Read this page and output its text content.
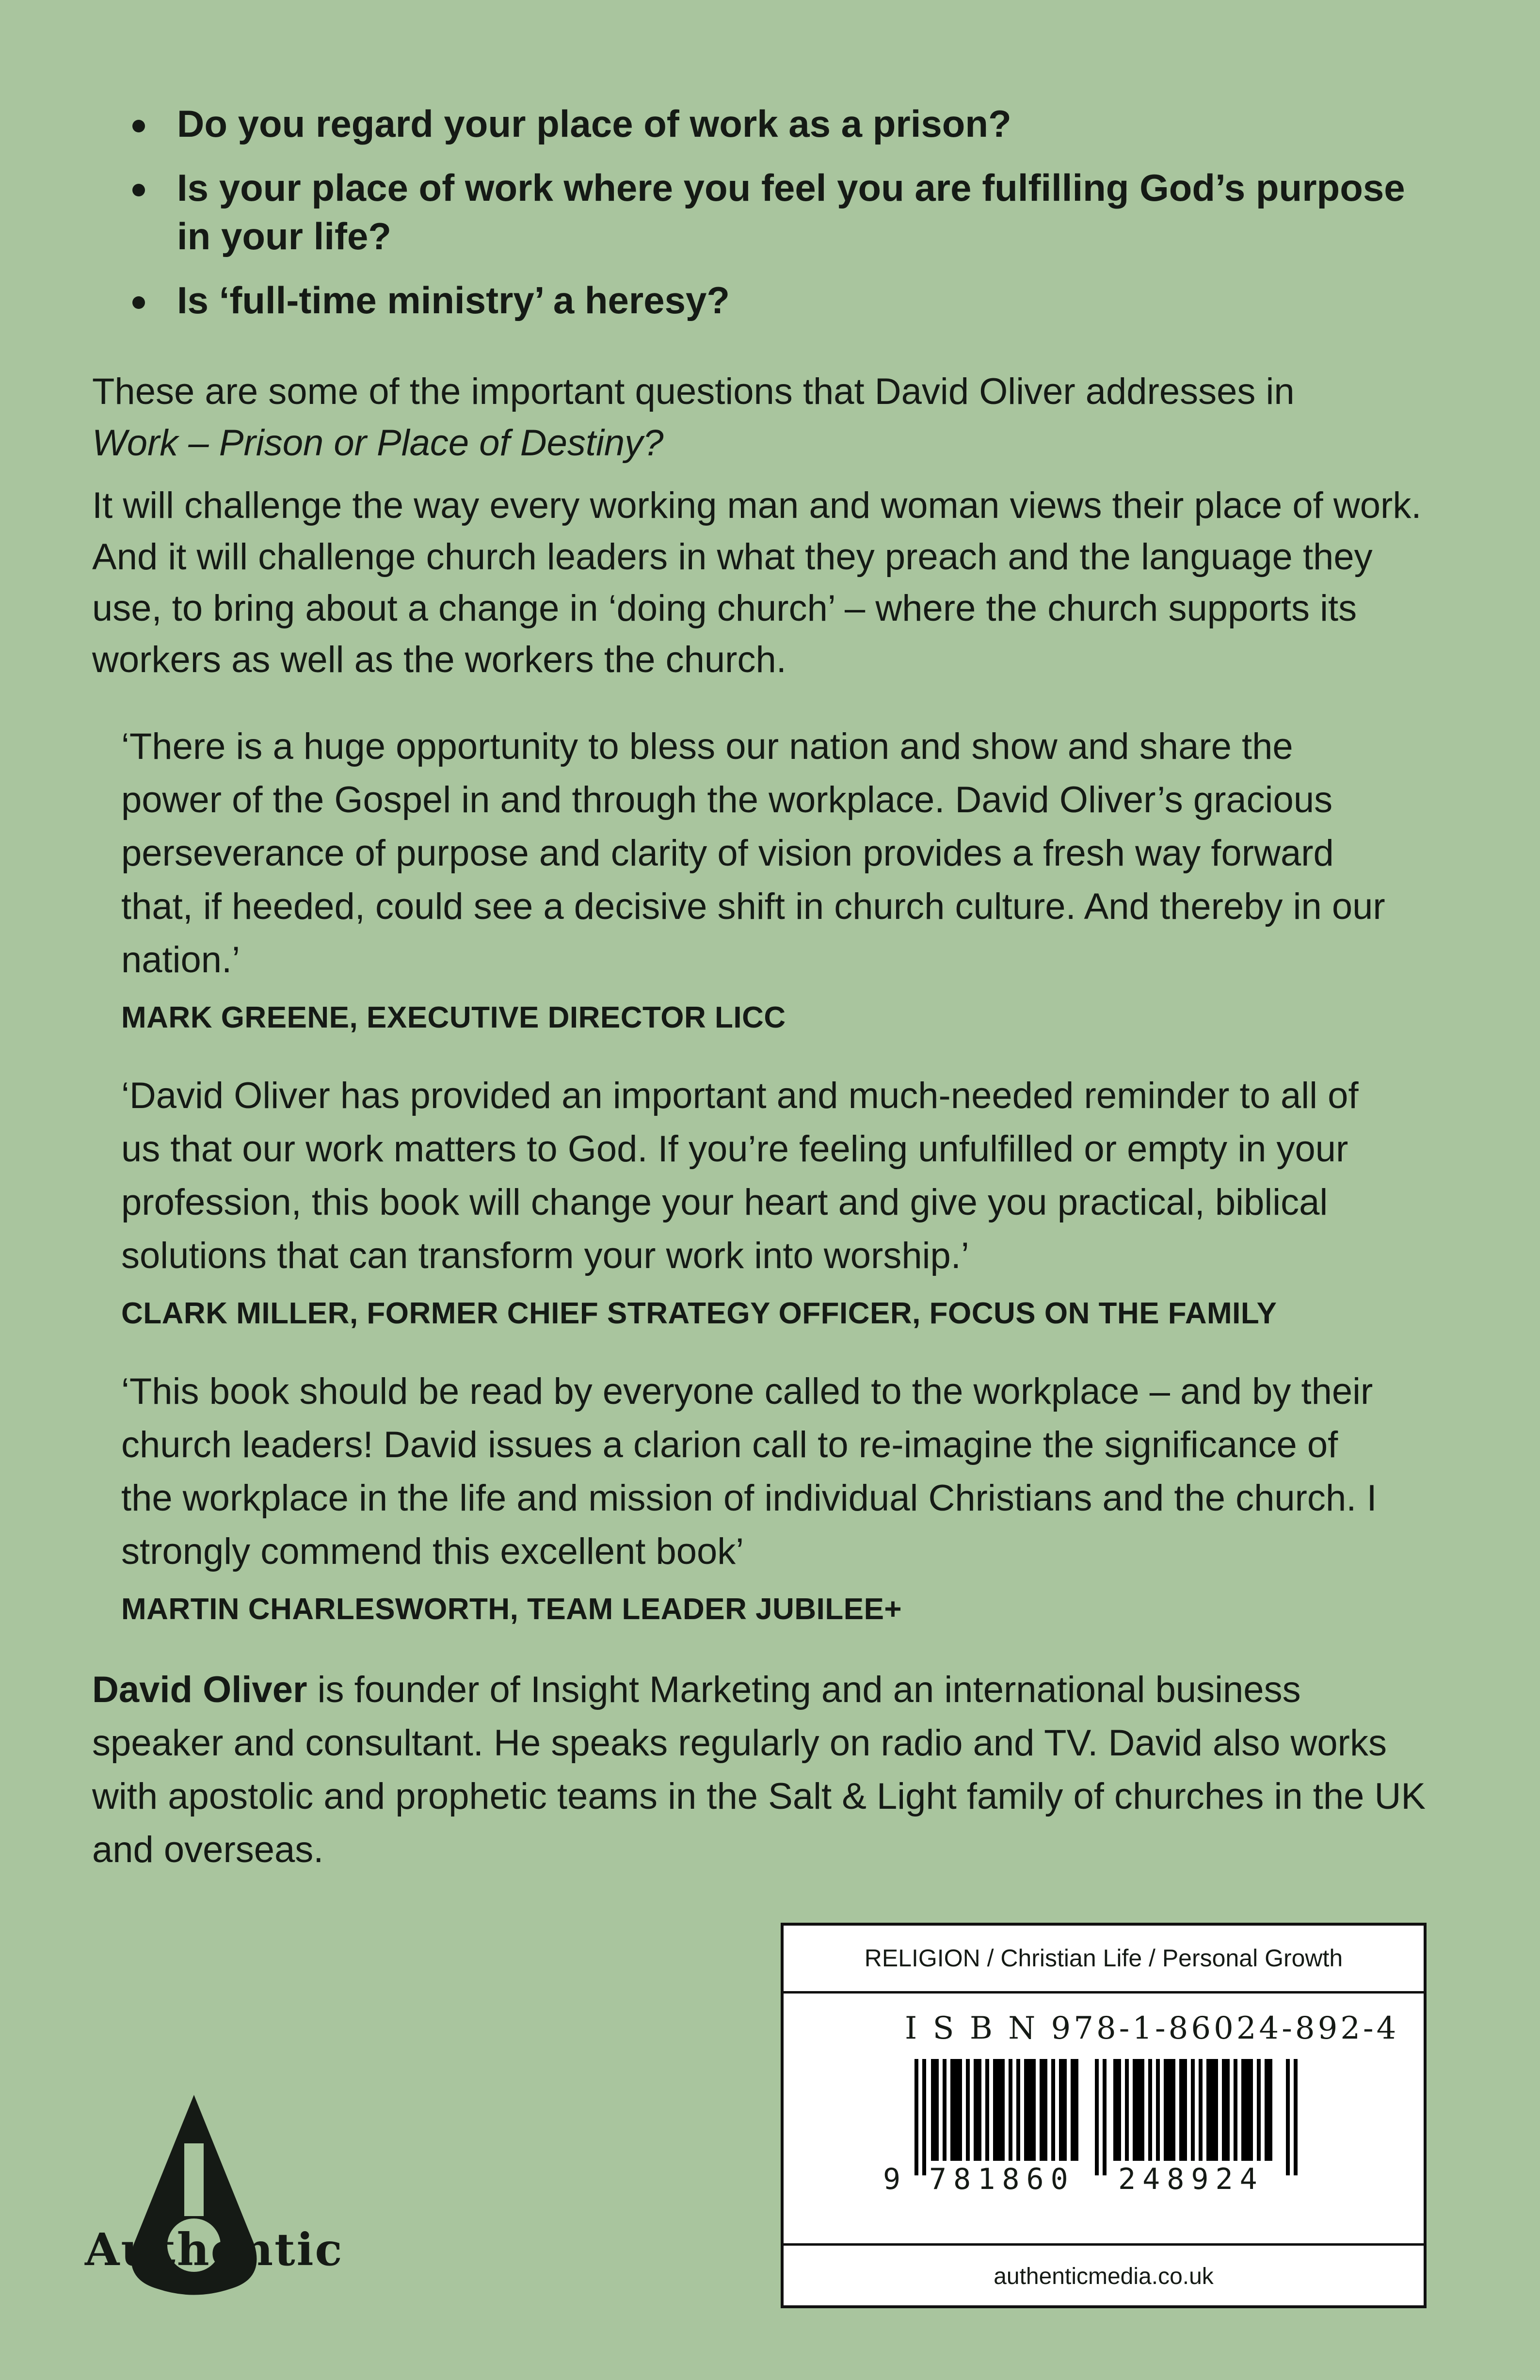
Do you regard your place of work as a prison?
Is your place of work where you feel you are fulfilling God’s purpose in your life?
Is ‘full-time ministry’ a heresy?

These are some of the important questions that David Oliver addresses in
Work – Prison or Place of Destiny?

It will challenge the way every working man and woman views their place of work. And it will challenge church leaders in what they preach and the language they use, to bring about a change in ‘doing church’ – where the church supports its workers as well as the workers the church.

‘There is a huge opportunity to bless our nation and show and share the power of the Gospel in and through the workplace. David Oliver’s gracious perseverance of purpose and clarity of vision provides a fresh way forward that, if heeded, could see a decisive shift in church culture. And thereby in our nation.’

MARK GREENE, EXECUTIVE DIRECTOR LICC

‘David Oliver has provided an important and much-needed reminder to all of us that our work matters to God. If you’re feeling unfulfilled or empty in your profession, this book will change your heart and give you practical, biblical solutions that can transform your work into worship.’

CLARK MILLER, FORMER CHIEF STRATEGY OFFICER, FOCUS ON THE FAMILY

‘This book should be read by everyone called to the workplace – and by their church leaders! David issues a clarion call to re-imagine the significance of the workplace in the life and mission of individual Christians and the church. I strongly commend this excellent book’

MARTIN CHARLESWORTH, TEAM LEADER JUBILEE+

David Oliver is founder of Insight Marketing and an international business speaker and consultant. He speaks regularly on radio and TV. David also works with apostolic and prophetic teams in the Salt & Light family of churches in the UK and overseas.

Authentic
RELIGION / Christian Life / Personal Growth
I S B N 978-1-86024-892-4
9 781860 248924
authenticmedia.co.uk
